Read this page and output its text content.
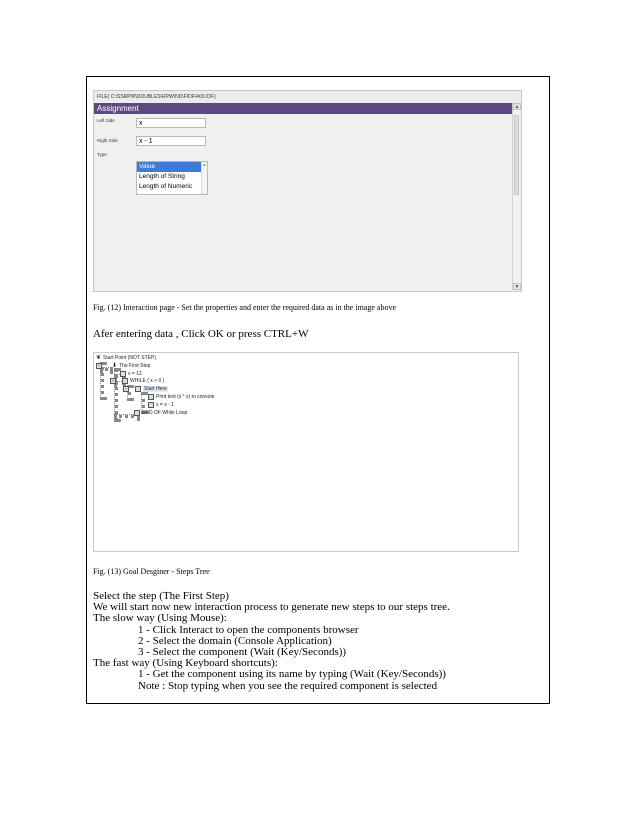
FILE( C:\SSRPW\DOUBLES\RPW\ND\FIDF\403.IDF)
Assignment
Left Side	x
Right Side	x - 1
Type
Value
Length of String
Length of Numeric
▲
▲
▼
Fig. (12) Interaction page - Set the properties and enter the required data as in the image above
Afer entering data , Click OK or press CTRL+W
❦ Start Point (NOT STEP)
−	⬇ The First Step
x = 12
−	WHILE ( x > 0 )
−	Start Here
Print text (x * x) to console
x = x - 1
END OF While Loop
Fig. (13) Goal Desginer - Steps Tree
Select the step (The First Step)
We will start now new interaction process to generate new steps to our steps tree.
The slow way (Using Mouse):
1 - Click Interact to open the components browser
2 - Select the domain (Console Application)
3 - Select the component (Wait (Key/Seconds))
The fast way (Using Keyboard shortcuts):
1 - Get the component using its name by typing (Wait (Key/Seconds))
Note : Stop typing when you see the required component is selected
